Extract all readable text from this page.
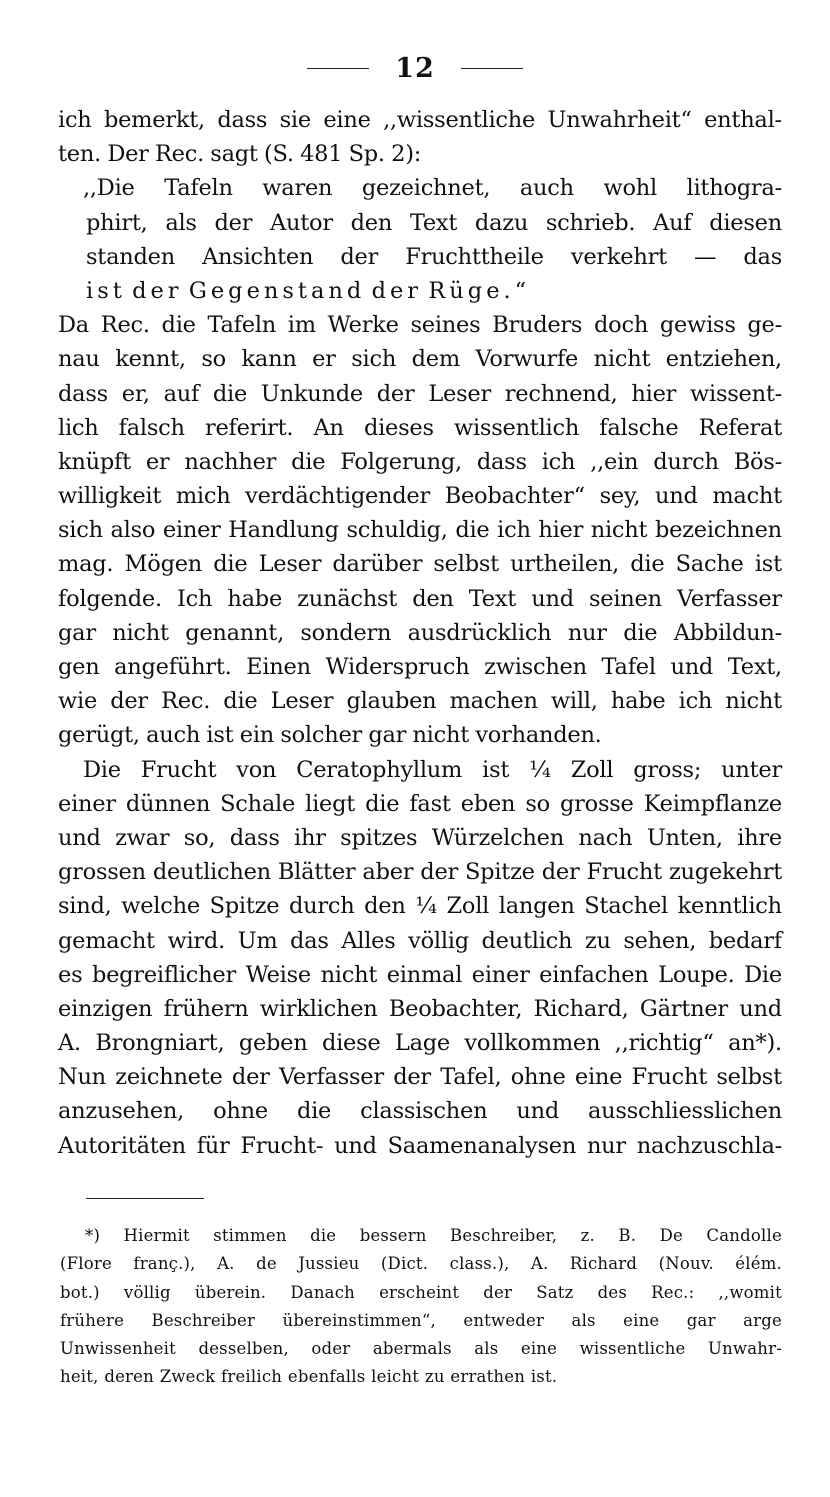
12
ich bemerkt, dass sie eine ,,wissentliche Unwahrheit“ enthal-
ten. Der Rec. sagt (S. 481 Sp. 2):
,,Die Tafeln waren gezeichnet, auch wohl lithogra-
phirt, als der Autor den Text dazu schrieb. Auf diesen
standen Ansichten der Fruchttheile verkehrt — das
ist der Gegenstand der Rüge.“
Da Rec. die Tafeln im Werke seines Bruders doch gewiss ge-
nau kennt, so kann er sich dem Vorwurfe nicht entziehen,
dass er, auf die Unkunde der Leser rechnend, hier wissent-
lich falsch referirt. An dieses wissentlich falsche Referat
knüpft er nachher die Folgerung, dass ich ,,ein durch Bös-
willigkeit mich verdächtigender Beobachter“ sey, und macht
sich also einer Handlung schuldig, die ich hier nicht bezeichnen
mag. Mögen die Leser darüber selbst urtheilen, die Sache ist
folgende. Ich habe zunächst den Text und seinen Verfasser
gar nicht genannt, sondern ausdrücklich nur die Abbildun-
gen angeführt. Einen Widerspruch zwischen Tafel und Text,
wie der Rec. die Leser glauben machen will, habe ich nicht
gerügt, auch ist ein solcher gar nicht vorhanden.
Die Frucht von Ceratophyllum ist ¼ Zoll gross; unter
einer dünnen Schale liegt die fast eben so grosse Keimpflanze
und zwar so, dass ihr spitzes Würzelchen nach Unten, ihre
grossen deutlichen Blätter aber der Spitze der Frucht zugekehrt
sind, welche Spitze durch den ¼ Zoll langen Stachel kenntlich
gemacht wird. Um das Alles völlig deutlich zu sehen, bedarf
es begreiflicher Weise nicht einmal einer einfachen Loupe. Die
einzigen frühern wirklichen Beobachter, Richard, Gärtner und
A. Brongniart, geben diese Lage vollkommen ,,richtig“ an*).
Nun zeichnete der Verfasser der Tafel, ohne eine Frucht selbst
anzusehen, ohne die classischen und ausschliesslichen
Autoritäten für Frucht- und Saamenanalysen nur nachzuschla-
*) Hiermit stimmen die bessern Beschreiber, z. B. De Candolle
(Flore franç.), A. de Jussieu (Dict. class.), A. Richard (Nouv. élém.
bot.) völlig überein. Danach erscheint der Satz des Rec.: ,,womit
frühere Beschreiber übereinstimmen“, entweder als eine gar arge
Unwissenheit desselben, oder abermals als eine wissentliche Unwahr-
heit, deren Zweck freilich ebenfalls leicht zu errathen ist.
